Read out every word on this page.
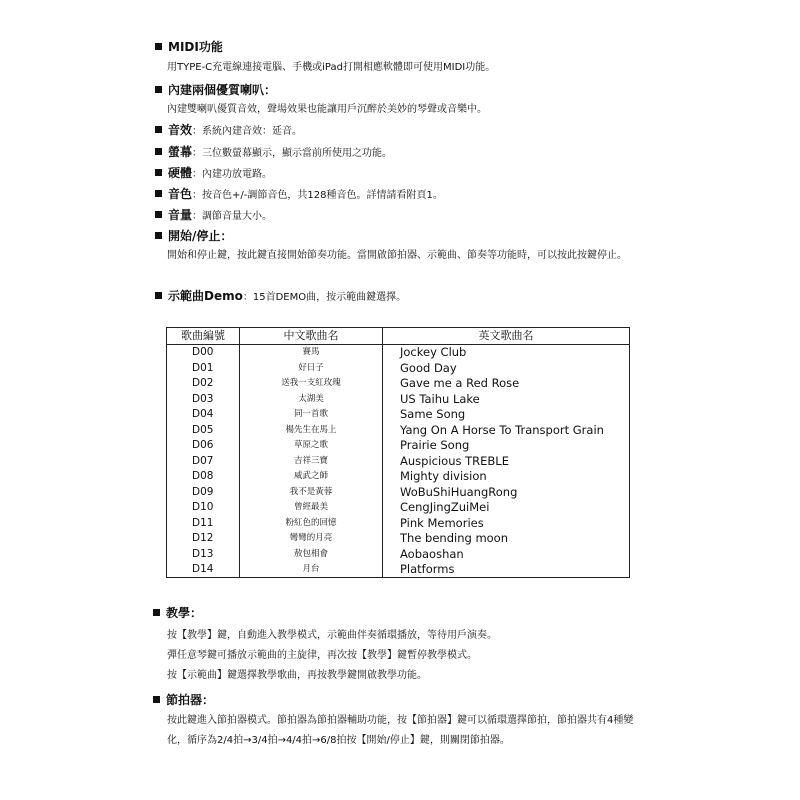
MIDI功能
用TYPE-C充電線連接電腦、手機或iPad打開相應軟體即可使用MIDI功能。
內建兩個優質喇叭：
內建雙喇叭優質音效，聲場效果也能讓用戶沉醉於美妙的琴聲或音樂中。
音效：系統內建音效：延音。
螢幕：三位數螢幕顯示，顯示當前所使用之功能。
硬體：內建功放電路。
音色：按音色+/-調節音色，共128種音色。詳情請看附頁1。
音量：調節音量大小。
開始/停止：
開始和停止鍵，按此鍵直接開始節奏功能。當開啟節拍器、示範曲、節奏等功能時，可以按此按鍵停止。
示範曲Demo：15首DEMO曲，按示範曲鍵選擇。
歌曲編號	中文歌曲名	英文歌曲名
D00	賽馬	Jockey Club
D01	好日子	Good Day
D02	送我一支紅玫瑰	Gave me a Red Rose
D03	太湖美	US Taihu Lake
D04	同一首歌	Same Song
D05	楊先生在馬上	Yang On A Horse To Transport Grain
D06	草原之歌	Prairie Song
D07	吉祥三寶	Auspicious TREBLE
D08	威武之師	Mighty division
D09	我不是黃蓉	WoBuShiHuangRong
D10	曾經最美	CengJingZuiMei
D11	粉紅色的回憶	Pink Memories
D12	彎彎的月亮	The bending moon
D13	敖包相會	Aobaoshan
D14	月台	Platforms
教學：
按【教學】鍵，自動進入教學模式，示範曲伴奏循環播放，等待用戶演奏。
彈任意琴鍵可播放示範曲的主旋律，再次按【教學】鍵暫停教學模式。
按【示範曲】鍵選擇教學歌曲，再按教學鍵開啟教學功能。
節拍器：
按此鍵進入節拍器模式。節拍器為節拍器輔助功能，按【節拍器】鍵可以循環選擇節拍，節拍器共有4種變化，循序為2/4拍→3/4拍→4/4拍→6/8拍按【開始/停止】鍵，則關閉節拍器。
